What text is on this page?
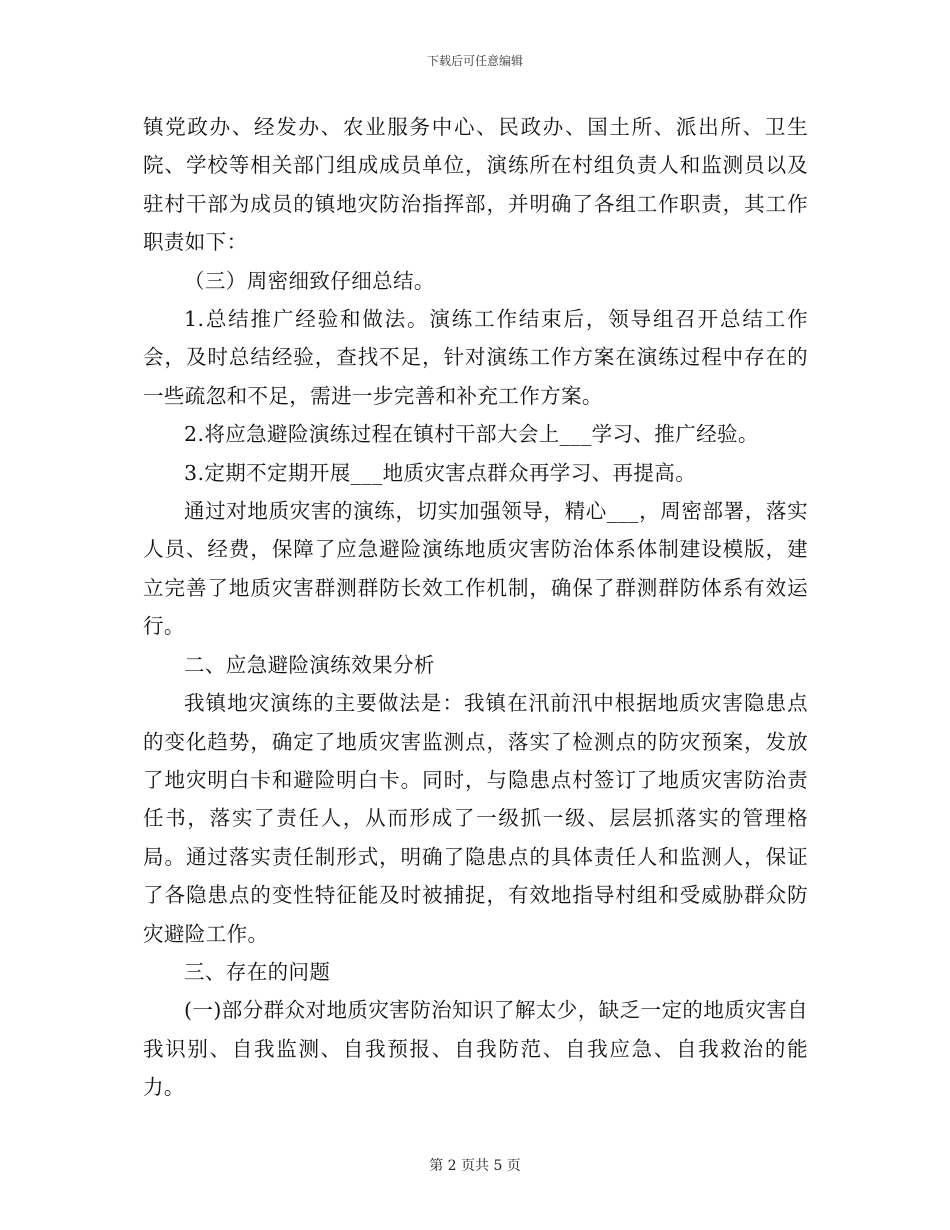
下载后可任意编辑

镇党政办、经发办、农业服务中心、民政办、国土所、派出所、卫生院、学校等相关部门组成成员单位，演练所在村组负责人和监测员以及驻村干部为成员的镇地灾防治指挥部，并明确了各组工作职责，其工作职责如下：

（三）周密细致仔细总结。

1.总结推广经验和做法。演练工作结束后，领导组召开总结工作会，及时总结经验，查找不足，针对演练工作方案在演练过程中存在的一些疏忽和不足，需进一步完善和补充工作方案。

2.将应急避险演练过程在镇村干部大会上___学习、推广经验。

3.定期不定期开展___地质灾害点群众再学习、再提高。

通过对地质灾害的演练，切实加强领导，精心___，周密部署，落实人员、经费，保障了应急避险演练地质灾害防治体系体制建设模版，建立完善了地质灾害群测群防长效工作机制，确保了群测群防体系有效运行。

二、应急避险演练效果分析

我镇地灾演练的主要做法是：我镇在汛前汛中根据地质灾害隐患点的变化趋势，确定了地质灾害监测点，落实了检测点的防灾预案，发放了地灾明白卡和避险明白卡。同时，与隐患点村签订了地质灾害防治责任书，落实了责任人，从而形成了一级抓一级、层层抓落实的管理格局。通过落实责任制形式，明确了隐患点的具体责任人和监测人，保证了各隐患点的变性特征能及时被捕捉，有效地指导村组和受威胁群众防灾避险工作。

三、存在的问题

(一)部分群众对地质灾害防治知识了解太少，缺乏一定的地质灾害自我识别、自我监测、自我预报、自我防范、自我应急、自我救治的能力。

第 2 页共 5 页
